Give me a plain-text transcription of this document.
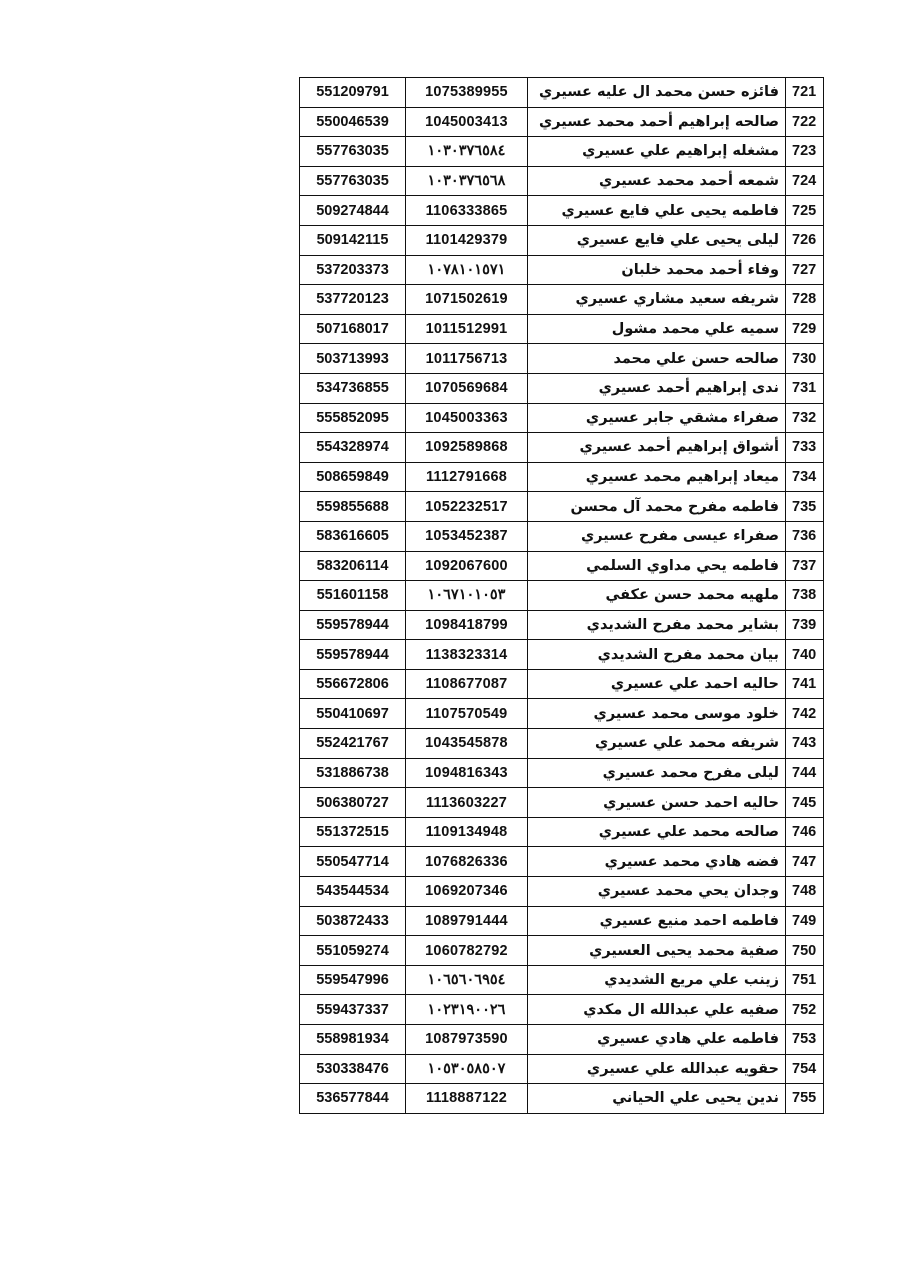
551209791	1075389955	فائزه حسن محمد ال عليه عسيري	721
550046539	1045003413	صالحه إبراهيم أحمد محمد عسيري	722
557763035	١٠٣٠٣٧٦٥٨٤	مشغله إبراهيم علي عسيري	723
557763035	١٠٣٠٣٧٦٥٦٨	شمعه أحمد محمد عسيري	724
509274844	1106333865	فاطمه يحيى علي فايع عسيري	725
509142115	1101429379	ليلى يحيى علي فايع عسيري	726
537203373	١٠٧٨١٠١٥٧١	وفاء أحمد محمد خلبان	727
537720123	1071502619	شريفه سعيد مشاري عسيري	728
507168017	1011512991	سميه علي محمد مشول	729
503713993	1011756713	صالحه حسن علي محمد	730
534736855	1070569684	ندى إبراهيم أحمد عسيري	731
555852095	1045003363	صفراء مشقي جابر عسيري	732
554328974	1092589868	أشواق إبراهيم أحمد عسيري	733
508659849	1112791668	ميعاد إبراهيم محمد عسيري	734
559855688	1052232517	فاطمه مفرح محمد آل محسن	735
583616605	1053452387	صفراء عيسى مفرح عسيري	736
583206114	1092067600	فاطمه يحي مداوي السلمي	737
551601158	١٠٦٧١٠١٠٥٣	ملهيه محمد حسن عكفي	738
559578944	1098418799	بشاير محمد مفرح الشديدي	739
559578944	1138323314	بيان محمد مفرح الشديدي	740
556672806	1108677087	حاليه احمد علي عسيري	741
550410697	1107570549	خلود موسى محمد عسيري	742
552421767	1043545878	شريفه محمد علي عسيري	743
531886738	1094816343	ليلى مفرح محمد عسيري	744
506380727	1113603227	حاليه احمد حسن عسيري	745
551372515	1109134948	صالحه محمد علي عسيري	746
550547714	1076826336	فضه هادي محمد عسيري	747
543544534	1069207346	وجدان يحي محمد عسيري	748
503872433	1089791444	فاطمه احمد منيع عسيري	749
551059274	1060782792	صفية محمد يحيى العسيري	750
559547996	١٠٦٥٦٠٦٩٥٤	زينب علي مريع الشديدي	751
559437337	١٠٢٣١٩٠٠٢٦	صفيه علي عبدالله ال مكدي	752
558981934	1087973590	فاطمه علي هادي عسيري	753
530338476	١٠٥٣٠٥٨٥٠٧	حقويه عبدالله علي عسيري	754
536577844	1118887122	ندين يحيى علي الحياني	755
